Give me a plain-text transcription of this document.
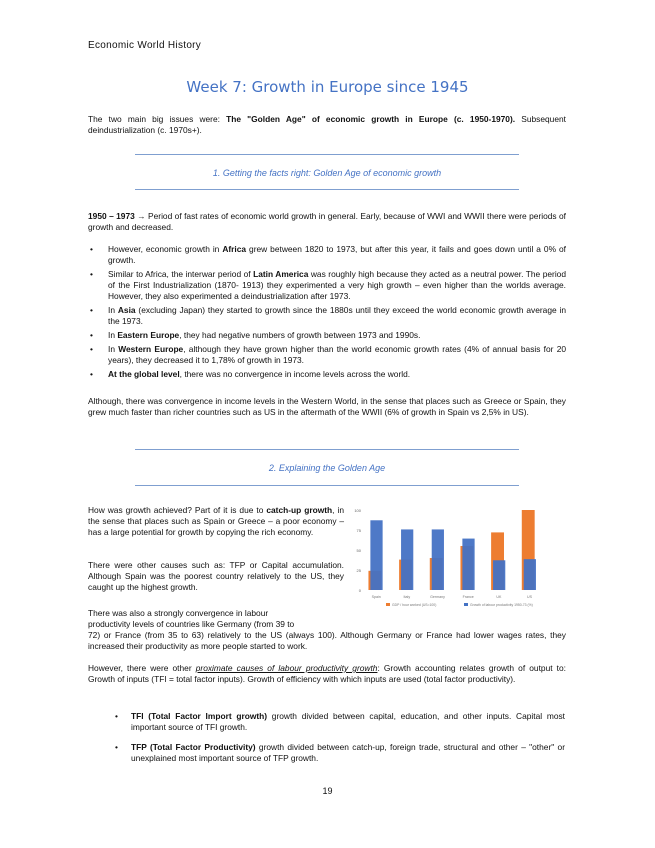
Economic World History
Week 7: Growth in Europe since 1945
The two main big issues were: The "Golden Age" of economic growth in Europe (c. 1950-1970). Subsequent deindustrialization (c. 1970s+).
1. Getting the facts right: Golden Age of economic growth
1950 – 1973 → Period of fast rates of economic world growth in general. Early, because of WWI and WWII there were periods of growth and decreased.
• However, economic growth in Africa grew between 1820 to 1973, but after this year, it fails and goes down until a 0% of growth.
• Similar to Africa, the interwar period of Latin America was roughly high because they acted as a neutral power. The period of the First Industrialization (1870- 1913) they experimented a very high growth – even higher than the worlds average. However, they also experimented a deindustrialization after 1973.
• In Asia (excluding Japan) they started to growth since the 1880s until they exceed the world economic growth average in the 1973.
• In Eastern Europe, they had negative numbers of growth between 1973 and 1990s.
• In Western Europe, although they have grown higher than the world economic growth rates (4% of annual basis for 20 years), they decreased it to 1,78% of growth in 1973.
• At the global level, there was no convergence in income levels across the world.
Although, there was convergence in income levels in the Western World, in the sense that places such as Greece or Spain, they grew much faster than richer countries such as US in the aftermath of the WWII (6% of growth in Spain vs 2,5% in US).
2. Explaining the Golden Age
How was growth achieved? Part of it is due to catch-up growth, in the sense that places such as Spain or Greece – a poor economy – has a large potential for growth by copying the rich economy.
There were other causes such as: TFP or Capital accumulation. Although Spain was the poorest country relatively to the US, they caught up the highest growth.
There was also a strongly convergence in labour
productivity levels of countries like Germany (from 39 to
72) or France (from 35 to 63) relatively to the US (always 100). Although Germany or France had lower wages rates, they increased their productivity as more people started to work.
However, there were other proximate causes of labour productivity growth: Growth accounting relates growth of output to: Growth of inputs (TFI = total factor inputs). Growth of efficiency with which inputs are used (total factor productivity).
• TFI (Total Factor Import growth) growth divided between capital, education, and other inputs. Capital most important source of TFI growth.
• TFP (Total Factor Productivity) growth divided between catch-up, foreign trade, structural and other – "other" or unexplained most important source of TFP growth.
0
25
50
75
100
Spain	Italy	Germany	France	UK	US
GDP / hour worked (US=100)	Growth of labour productivity 1950-73 (%)
19
